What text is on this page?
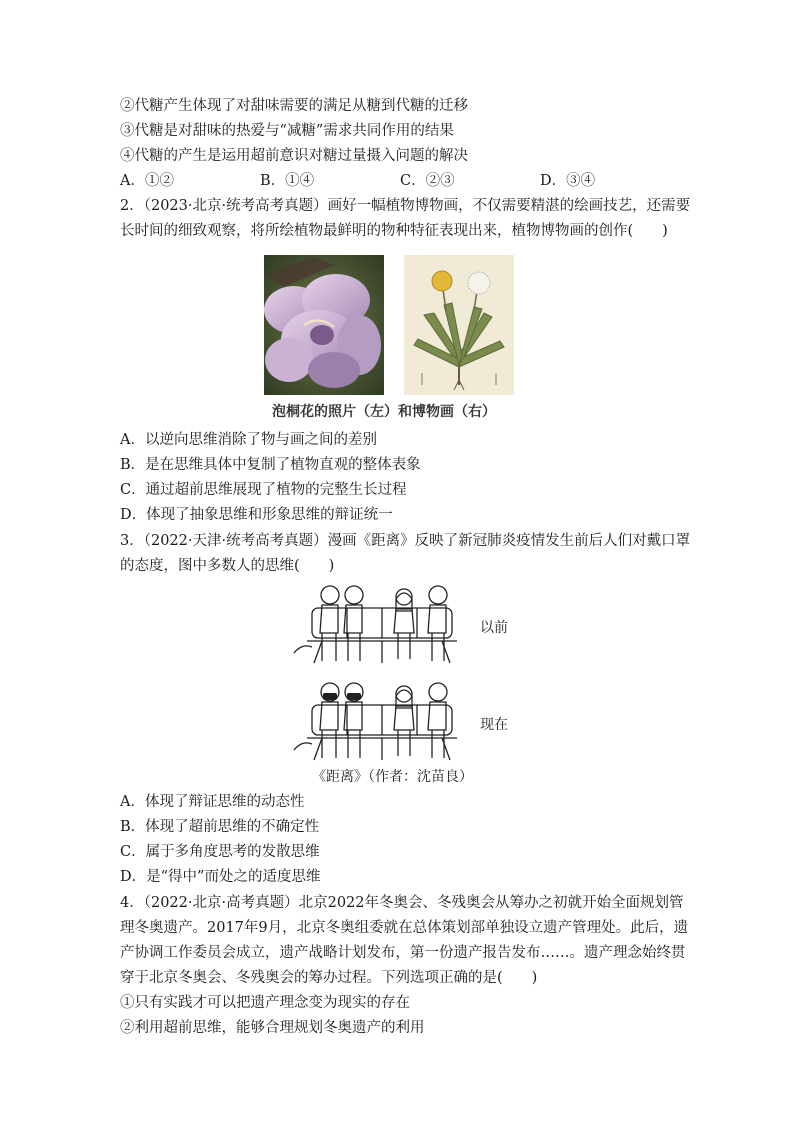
②代糖产生体现了对甜味需要的满足从糖到代糖的迁移
③代糖是对甜味的热爱与“减糖”需求共同作用的结果
④代糖的产生是运用超前意识对糖过量摄入问题的解决
A．①②	B．①④	C．②③	D．③④
2．（2023·北京·统考高考真题）画好一幅植物博物画，不仅需要精湛的绘画技艺，还需要
长时间的细致观察，将所绘植物最鲜明的物种特征表现出来，植物博物画的创作(　　)
泡桐花的照片（左）和博物画（右）
A．以逆向思维消除了物与画之间的差别
B．是在思维具体中复制了植物直观的整体表象
C．通过超前思维展现了植物的完整生长过程
D．体现了抽象思维和形象思维的辩证统一
3．（2022·天津·统考高考真题）漫画《距离》反映了新冠肺炎疫情发生前后人们对戴口罩
的态度，图中多数人的思维(　　)
以前
现在
《距离》（作者：沈苗良）
A．体现了辩证思维的动态性
B．体现了超前思维的不确定性
C．属于多角度思考的发散思维
D．是“得中”而处之的适度思维
4．（2022·北京·高考真题）北京2022年冬奥会、冬残奥会从筹办之初就开始全面规划管
理冬奥遗产。2017年9月，北京冬奥组委就在总体策划部单独设立遗产管理处。此后，遗
产协调工作委员会成立，遗产战略计划发布，第一份遗产报告发布……。遗产理念始终贯
穿于北京冬奥会、冬残奥会的筹办过程。下列选项正确的是(　　)
①只有实践才可以把遗产理念变为现实的存在
②利用超前思维，能够合理规划冬奥遗产的利用
